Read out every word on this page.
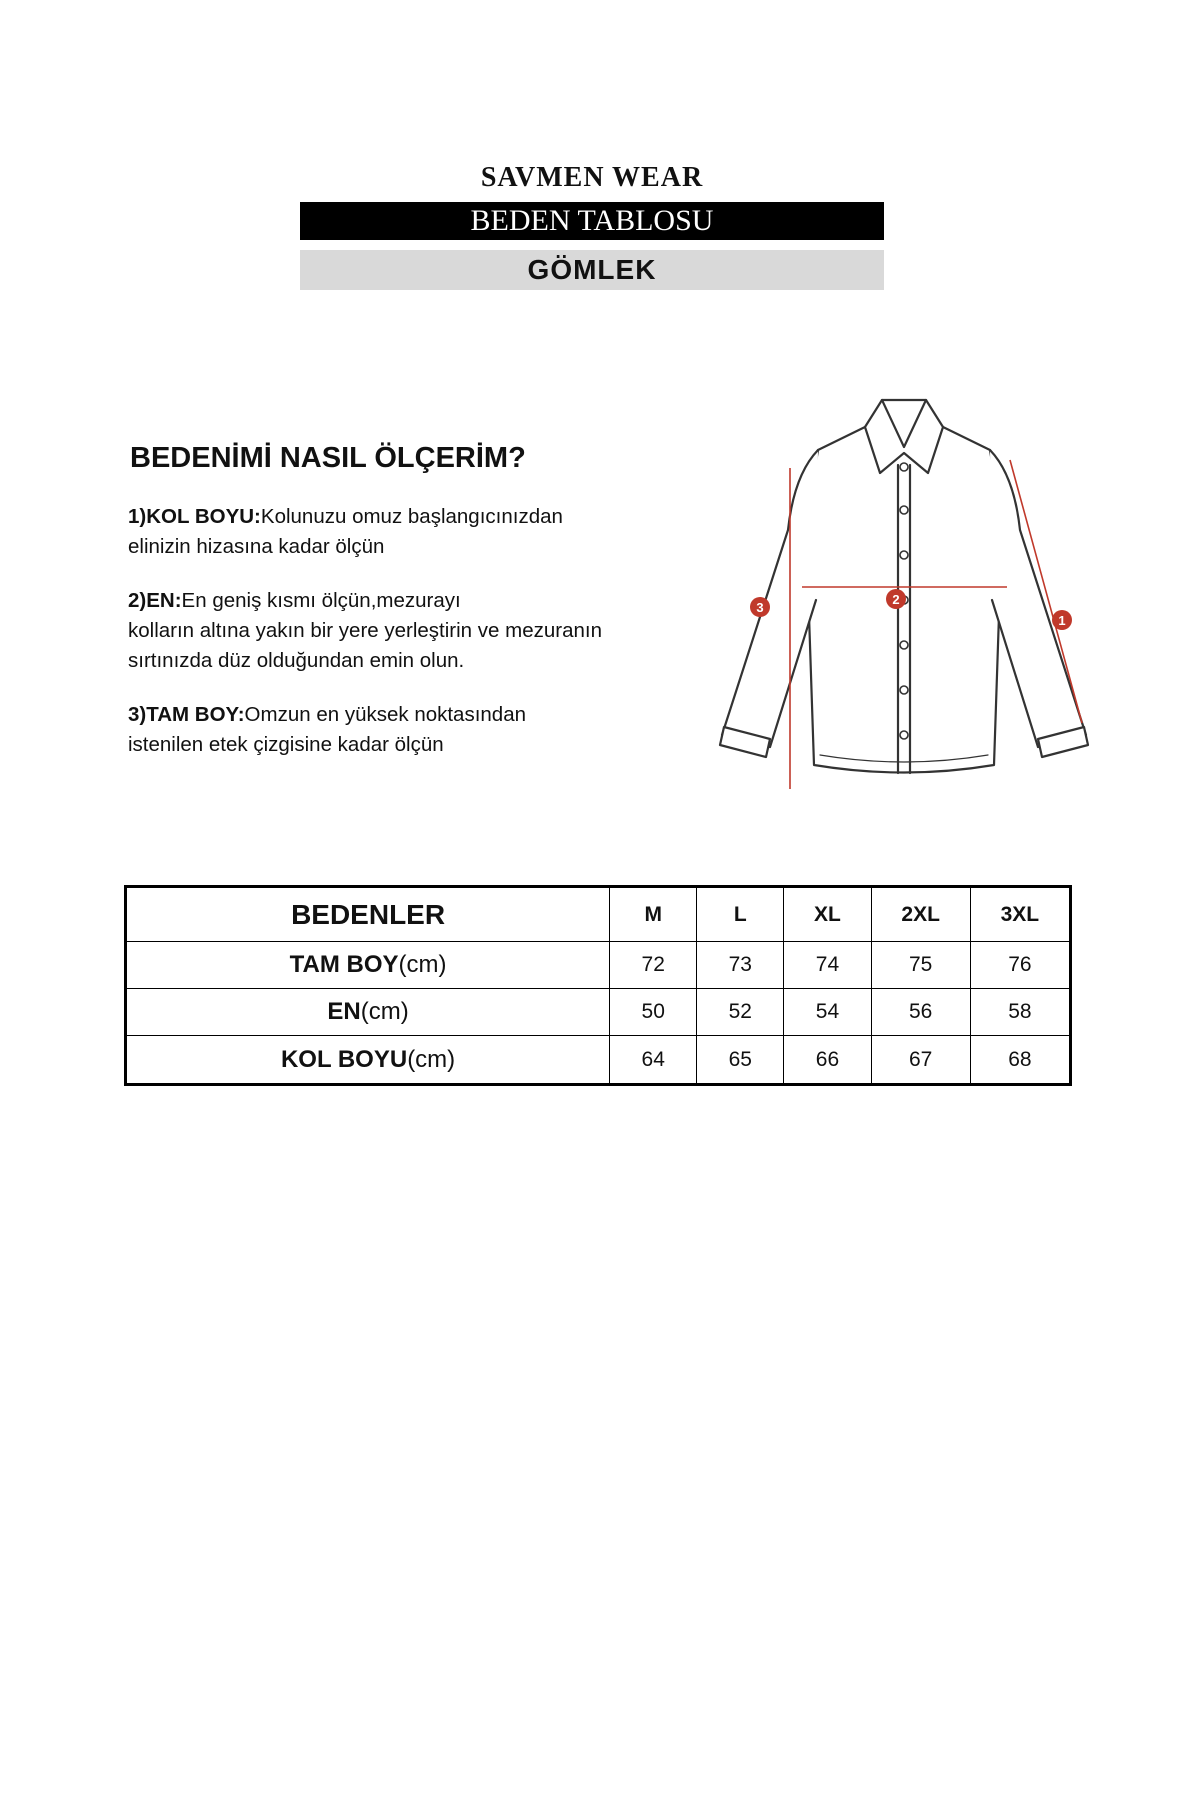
SAVMEN WEAR
BEDEN TABLOSU
GÖMLEK
BEDENİMİ NASIL ÖLÇERİM?
1)KOL BOYU:Kolunuzu omuz başlangıcınızdan
elinizin hizasına kadar ölçün
2)EN:En geniş kısmı ölçün,mezurayı
kolların altına yakın bir yere yerleştirin ve mezuranın
sırtınızda düz olduğundan emin olun.
3)TAM BOY:Omzun en yüksek noktasından
istenilen etek çizgisine kadar ölçün
3
2
1
BEDENLER	M	L	XL	2XL	3XL
TAM BOY(cm)	72	73	74	75	76
EN(cm)	50	52	54	56	58
KOL BOYU(cm)	64	65	66	67	68
